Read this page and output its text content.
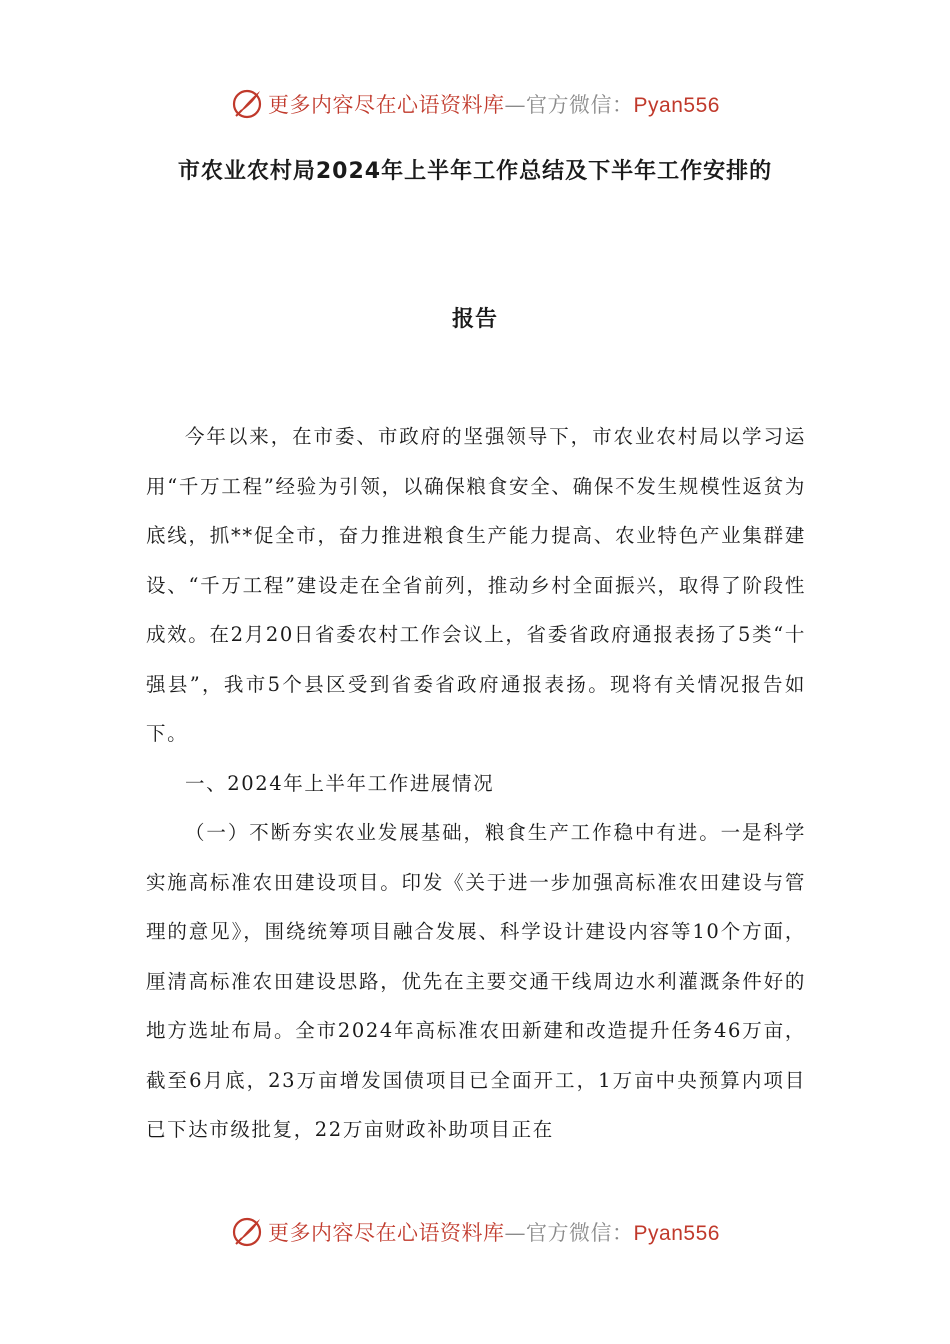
更多内容尽在心语资料库—官方微信：Pyan556
市农业农村局2024年上半年工作总结及下半年工作安排的
报告

今年以来，在市委、市政府的坚强领导下，市农业农村局以学习运用“千万工程”经验为引领，以确保粮食安全、确保不发生规模性返贫为底线，抓**促全市，奋力推进粮食生产能力提高、农业特色产业集群建设、“千万工程”建设走在全省前列，推动乡村全面振兴，取得了阶段性成效。在2月20日省委农村工作会议上，省委省政府通报表扬了5类“十强县”，我市5个县区受到省委省政府通报表扬。现将有关情况报告如下。

一、2024年上半年工作进展情况

（一）不断夯实农业发展基础，粮食生产工作稳中有进。一是科学实施高标准农田建设项目。印发《关于进一步加强高标准农田建设与管理的意见》，围绕统筹项目融合发展、科学设计建设内容等10个方面，厘清高标准农田建设思路，优先在主要交通干线周边水利灌溉条件好的地方选址布局。全市2024年高标准农田新建和改造提升任务46万亩，截至6月底，23万亩增发国债项目已全面开工，1万亩中央预算内项目已下达市级批复，22万亩财政补助项目正在

更多内容尽在心语资料库—官方微信：Pyan556
